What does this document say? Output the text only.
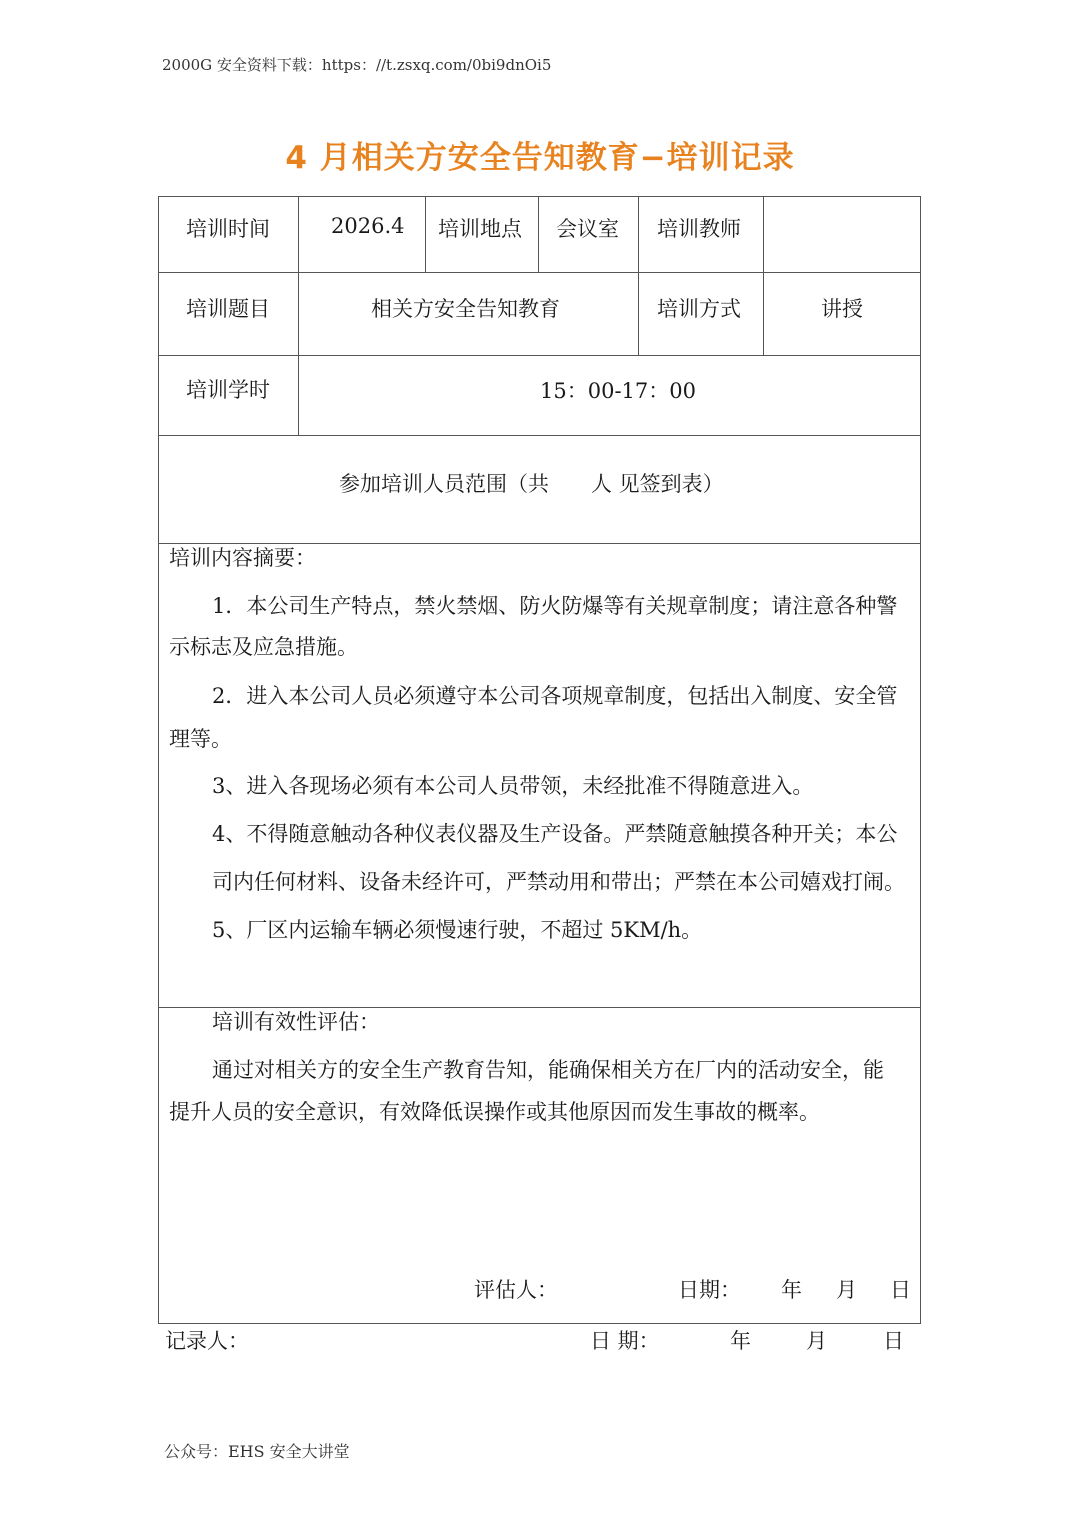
2000G 安全资料下载：https：//t.zsxq.com/0bi9dnOi5
4 月相关方安全告知教育−培训记录
培训时间	2026.4 培训地点 会议室 培训教师
培训题目	相关方安全告知教育	培训方式	讲授
培训学时	15：00-17：00
参加培训人员范围（共　　人 见签到表）
培训内容摘要：
1．本公司生产特点，禁火禁烟、防火防爆等有关规章制度；请注意各种警
示标志及应急措施。
2．进入本公司人员必须遵守本公司各项规章制度，包括出入制度、安全管
理等。
3、进入各现场必须有本公司人员带领，未经批准不得随意进入。
4、不得随意触动各种仪表仪器及生产设备。严禁随意触摸各种开关；本公
司内任何材料、设备未经许可，严禁动用和带出；严禁在本公司嬉戏打闹。
5、厂区内运输车辆必须慢速行驶，不超过 5KM/h。
培训有效性评估：
通过对相关方的安全生产教育告知，能确保相关方在厂内的活动安全，能
提升人员的安全意识，有效降低误操作或其他原因而发生事故的概率。
评估人：	日期： 年 月 日
记录人：	日 期：	年	月	日
公众号：EHS 安全大讲堂
